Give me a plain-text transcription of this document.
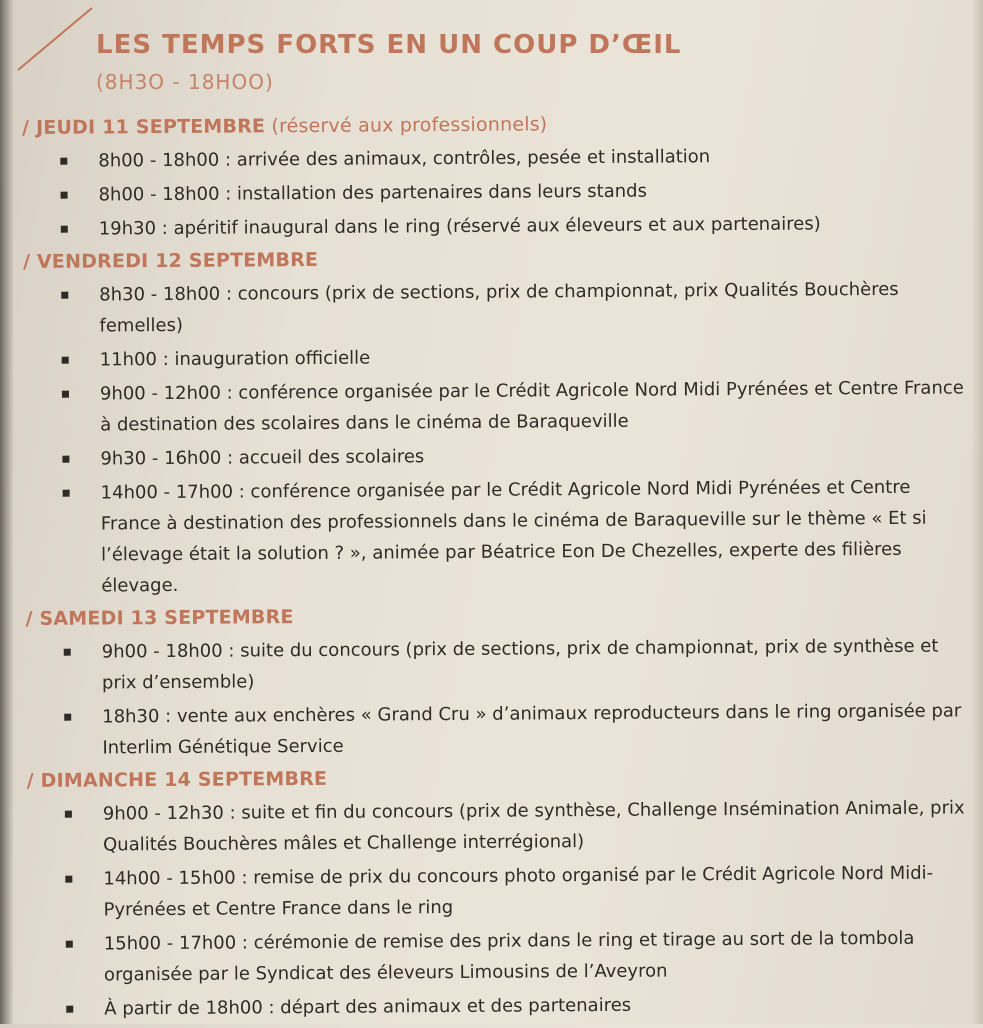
LES TEMPS FORTS EN UN COUP D’ŒIL

(8H3O - 18HOO)

/ JEUDI 11 SEPTEMBRE (réservé aux professionnels)
8h00 - 18h00 : arrivée des animaux, contrôles, pesée et installation
8h00 - 18h00 : installation des partenaires dans leurs stands
19h30 : apéritif inaugural dans le ring (réservé aux éleveurs et aux partenaires)
/ VENDREDI 12 SEPTEMBRE
8h30 - 18h00 : concours (prix de sections, prix de championnat, prix Qualités Bouchères femelles)
11h00 : inauguration officielle
9h00 - 12h00 : conférence organisée par le Crédit Agricole Nord Midi Pyrénées et Centre France à destination des scolaires dans le cinéma de Baraqueville
9h30 - 16h00 : accueil des scolaires
14h00 - 17h00 : conférence organisée par le Crédit Agricole Nord Midi Pyrénées et Centre France à destination des professionnels dans le cinéma de Baraqueville sur le thème « Et si l’élevage était la solution ? », animée par Béatrice Eon De Chezelles, experte des filières élevage.
/ SAMEDI 13 SEPTEMBRE
9h00 - 18h00 : suite du concours (prix de sections, prix de championnat, prix de synthèse et prix d’ensemble)
18h30 : vente aux enchères « Grand Cru » d’animaux reproducteurs dans le ring organisée par Interlim Génétique Service
/ DIMANCHE 14 SEPTEMBRE
9h00 - 12h30 : suite et fin du concours (prix de synthèse, Challenge Insémination Animale, prix Qualités Bouchères mâles et Challenge interrégional)
14h00 - 15h00 : remise de prix du concours photo organisé par le Crédit Agricole Nord Midi-Pyrénées et Centre France dans le ring
15h00 - 17h00 : cérémonie de remise des prix dans le ring et tirage au sort de la tombola organisée par le Syndicat des éleveurs Limousins de l’Aveyron
À partir de 18h00 : départ des animaux et des partenaires
